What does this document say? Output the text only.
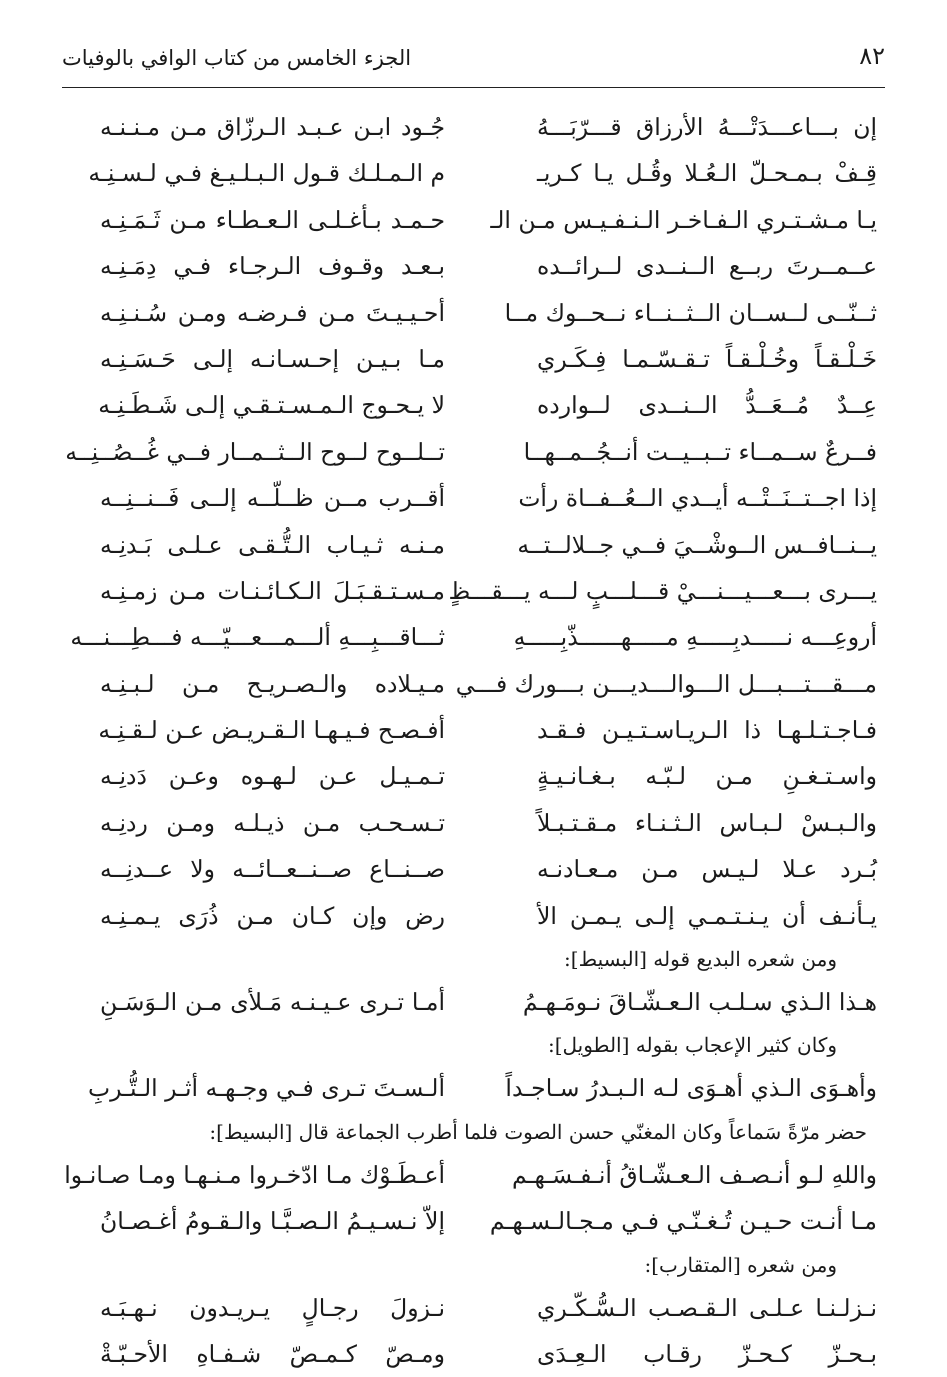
٨٢
الجزء الخامس من كتاب الوافي بالوفيات
إن بـــاعـــدَتْـــهُ الأرزاق قـــرّبَـــهُ
جُـود ابـن عـبـد الـرزّاق مـن مـنـنـه
قِـفْ بـمـحـلّ الـعُـلا وقُـل يـا كـريـ
م الـمـلـك قـول الـبـلـيـغ فـي لـسـنِـه
يـا مـشـتـري الـفـاخـر الـنـفـيـس مـن الـ
حـمـد بـأغـلـى الـعـطـاء مـن ثَـمَـنِـه
عــمــرتَ ربــع الــنــدى لــرائــده
بـعـد وقـوف الـرجـاء فـي دِمَـنِـه
ثــنّــى لــســان الــثــنــاء نــحــوك مــا
أحـيـيـتَ مـن فـرضـه ومـن سُـنـنِـه
خَـلْـقـاً وخُـلْـقـاً تـقـسّـمـا فِـكَـري
مـا بـيـن إحـسـانـه إلـى حَـسَـنِـه
عِــدٌ مُــعَــدُّ الــنــدى لــوارده
لا يـحـوج الـمـسـتـقـي إلـى شَـطَـنِـه
فــرعٌ ســمــاء تــبــيــت أنــجُــمــهــا
تــلــوح لــوح الــثــمــار فــي غُــصُــنِــه
إذا اجــتــنَــتْــه أيــدي الــعُــفــاة رأت
أقــرب مــن ظــلّــه إلــى فَــنــنِــه
يــنــافــس الــوشْــيَ فــي جــلالــتــه
مـنـه ثـيـاب الـتُّـقـى عـلـى بَـدنِـه
يـــرى بـــعـــيـــنـــيْ قـــلـــبٍ لـــه يـــقـــظٍ
مـسـتـقـبَـلَ الـكـائـنـات مـن زمـنِـه
أروعِـــه نـــــدبِـــــهِ مـــــهــــــذّبِـــــهِ
ثـــاقـــبِـــهِ ألـــمـــعـــيّـــه فـــطِـــنـــه
مـــقـــتـــبـــل الـــوالـــديـــن بـــورك فـــي
مـيـلاده والـصـريـح مـن لـبـنِـه
فـاجـتـلـهـا ذا الـريـاسـتـيـن فـقـد
أفـصـح فـيـهـا الـقـريـض عـن لـقـنِـه
واسـتـغـنِ مـن لـبّـه بـغـانـيـةٍ
تـمـيـل عـن لـهـوه وعـن دَدنِـه
والـبـسْ لـبـاس الـثـنـاء مـقـتـبـلاً
تـسـحـب مـن ذيـلـه ومـن ردنِـه
بُـرد عـلا لـيـس مـن مـعـادنـه
صــنــاع صــنــعــائــه ولا عــدنِــه
يـأنـف أن يـنـتـمـي إلـى يـمـن الأ
رض وإن كـان مـن ذُرَى يـمـنِـه
ومن شعره البديع قوله [البسيط]:
هـذا الـذي سـلـب الـعـشّـاقَ نـومَـهـمُ
أمـا تـرى عـيـنـه مَـلأى مـن الـوَسَـنِ
وكان كثير الإعجاب بقوله [الطويل]:
وأهـوَى الـذي أهـوَى لـه الـبـدرُ سـاجـداً
ألـسـتَ تـرى فـي وجـهـه أثـر الـتُّـربِ
حضر مرّةً سَماعاً وكان المغنّي حسن الصوت فلما أطرب الجماعة قال [البسيط]:
واللهِ لـو أنـصـف الـعـشّـاقُ أنـفـسَـهـم
أعـطَـوْك مـا ادّخـروا مـنـهـا ومـا صـانـوا
مـا أنـت حـيـن تُـغـنّـي فـي مـجـالـسـهـم
إلاّ نـسـيـمُ الـصـبَّـا والـقـومُ أغـصـانُ
ومن شعره [المتقارب]:
نـزلـنـا عـلـى الـقـصـب الـسُّـكّـري
نـزولَ رجـالٍ يـريـدون نـهـبَـه
بـحـزّ كـحـزّ رقـاب الـعِـدَى
ومـصّ كـمـصّ شـفـاهِ الأحـبّـةْ
